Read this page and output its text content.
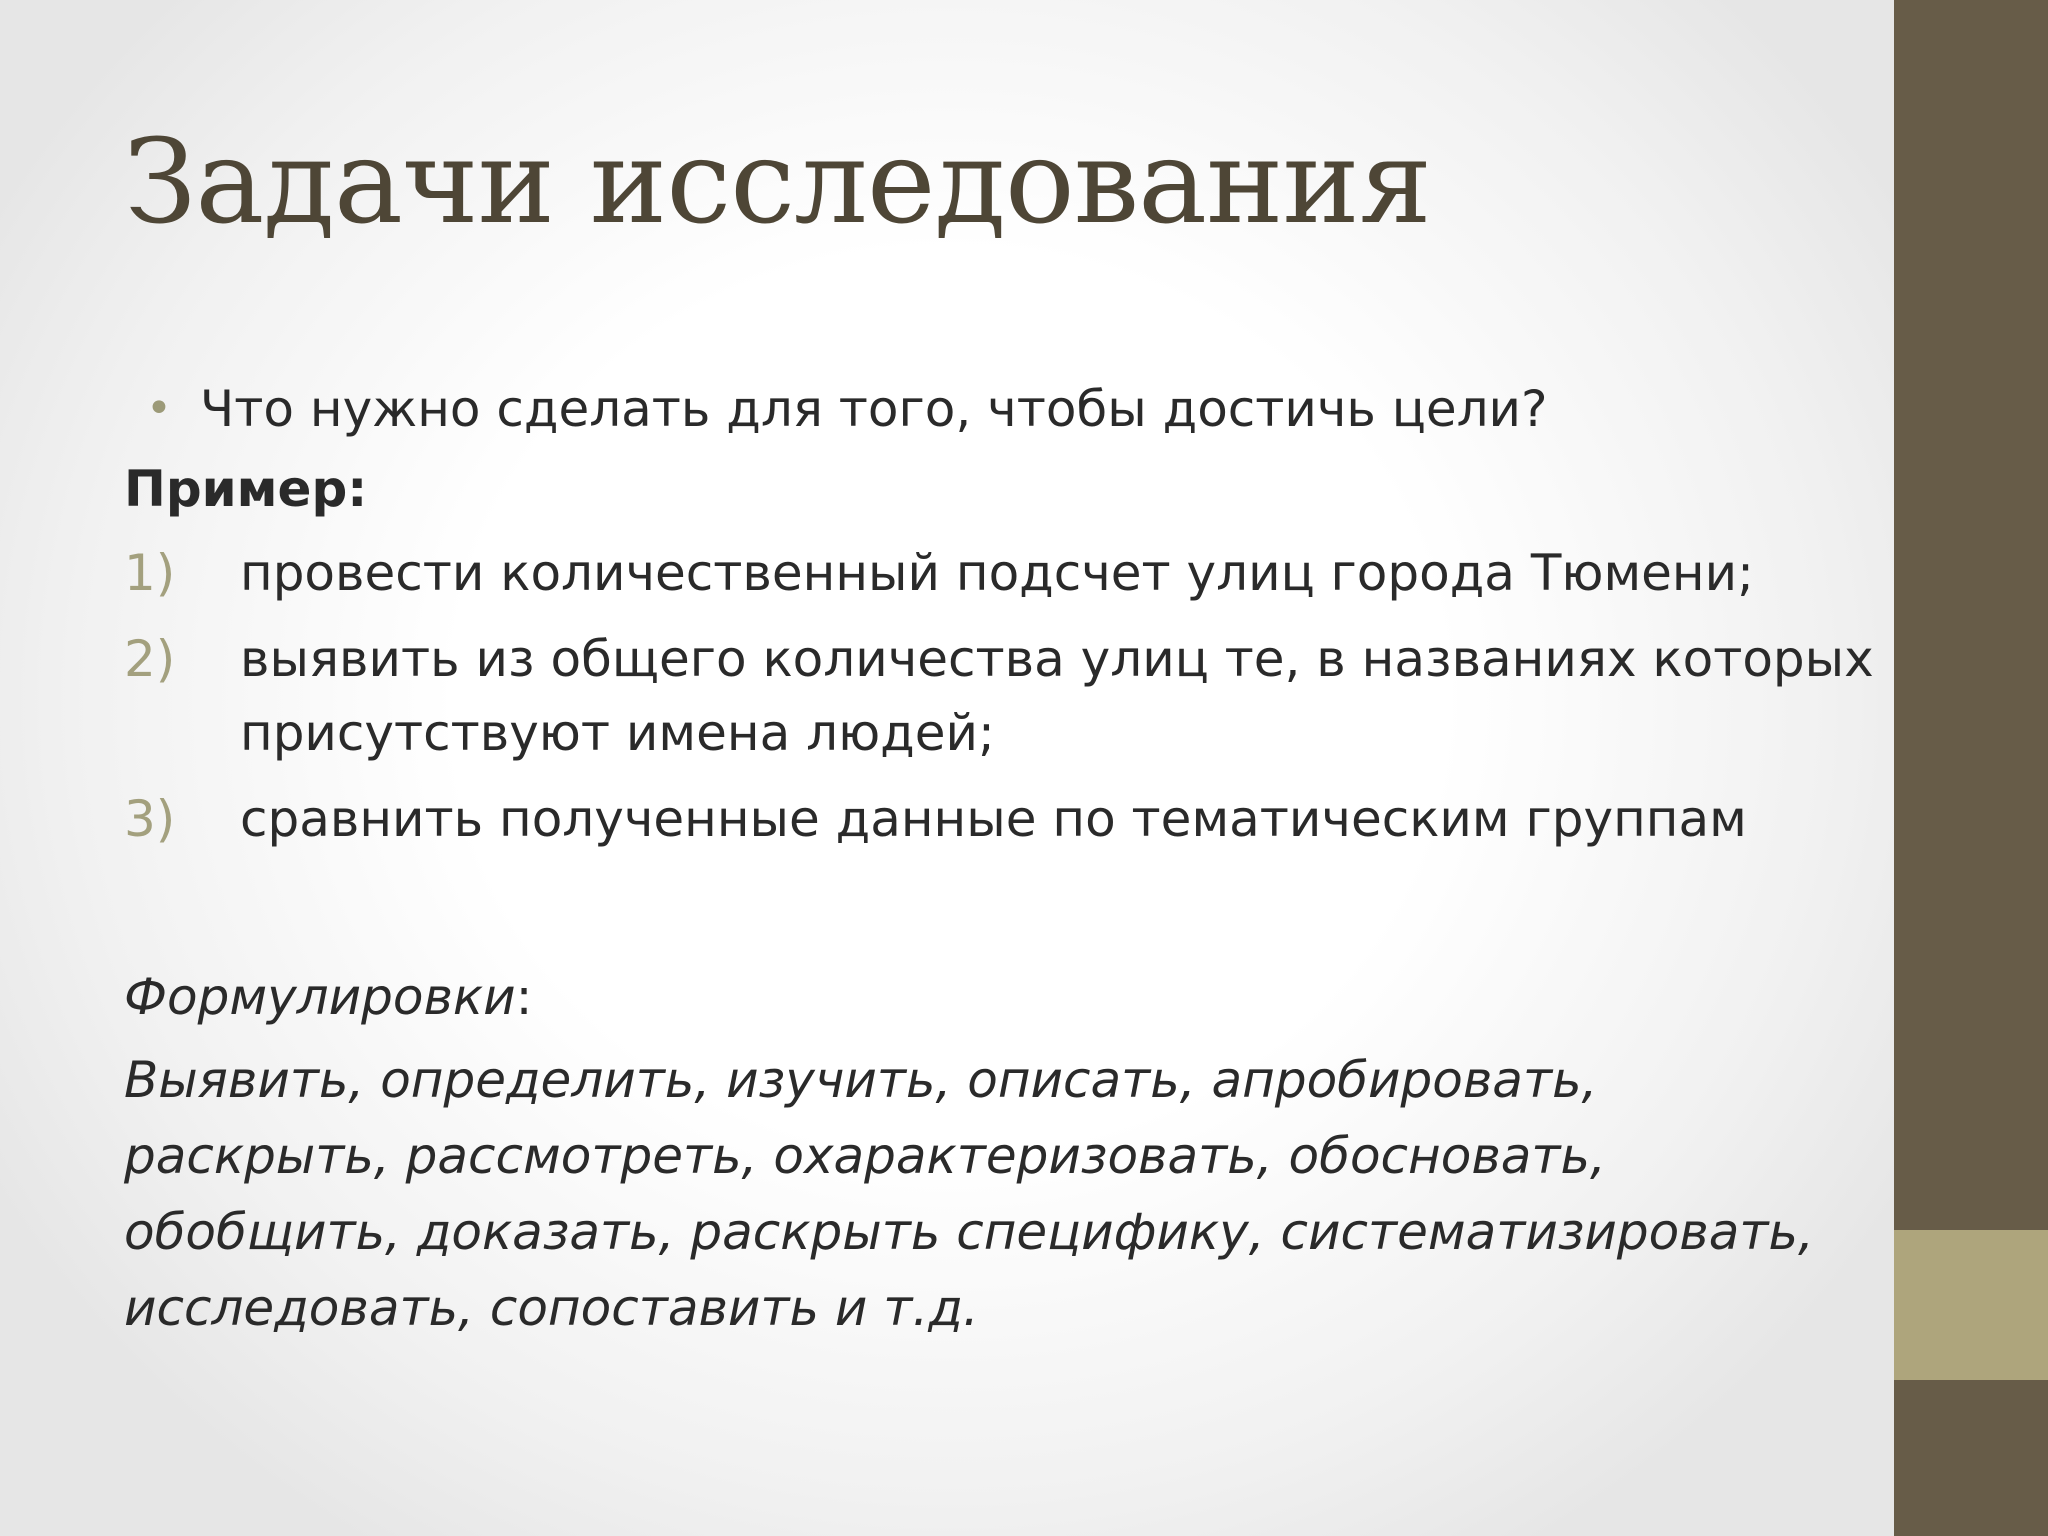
Задачи исследования
• Что нужно сделать для того, чтобы достичь цели?
Пример:
1) провести количественный подсчет улиц города Тюмени;
2) выявить из общего количества улиц те, в названиях которых присутствуют имена людей;
3) сравнить полученные данные по тематическим группам
Формулировки:
Выявить, определить, изучить, описать, апробировать, раскрыть, рассмотреть, охарактеризовать, обосновать, обобщить, доказать, раскрыть специфику, систематизировать, исследовать, сопоставить и т.д.
